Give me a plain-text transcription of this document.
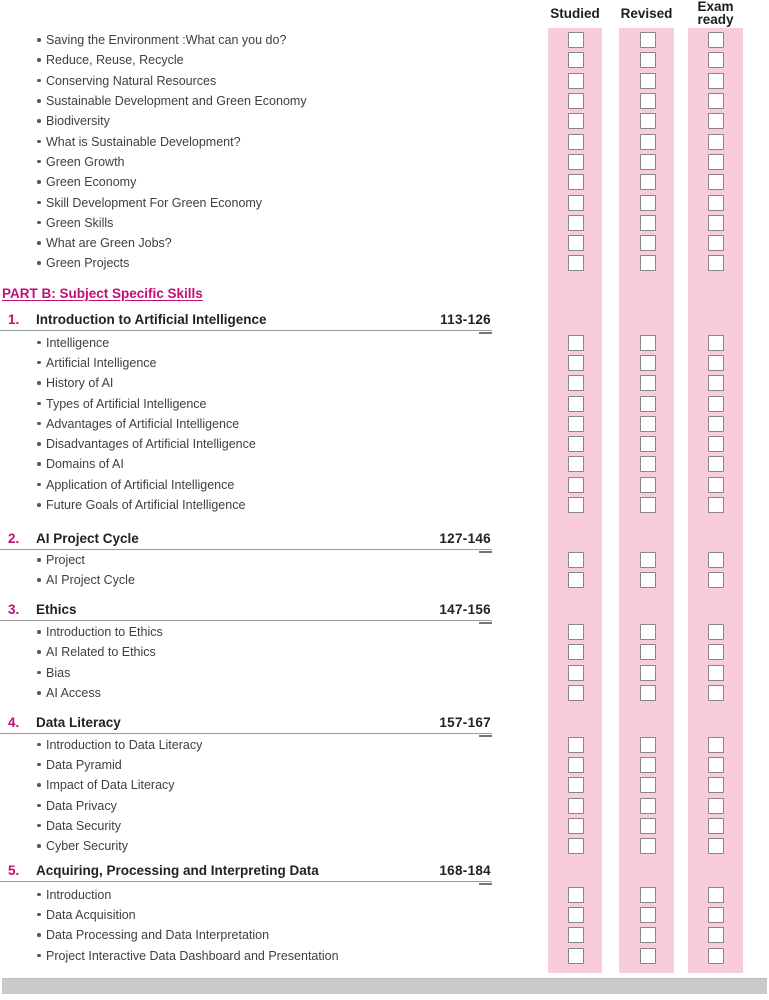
Studied	Revised	Exam ready
Saving the Environment :What can you do?
Reduce, Reuse, Recycle
Conserving Natural Resources
Sustainable Development and Green Economy
Biodiversity
What is Sustainable Development?
Green Growth
Green Economy
Skill Development For Green Economy
Green Skills
What are Green Jobs?
Green Projects
PART B: Subject Specific Skills
1. Introduction to Artificial Intelligence	113-126
Intelligence
Artificial Intelligence
History of AI
Types of Artificial Intelligence
Advantages of Artificial Intelligence
Disadvantages of Artificial Intelligence
Domains of AI
Application of Artificial Intelligence
Future Goals of Artificial Intelligence
2. AI Project Cycle	127-146
Project
AI Project Cycle
3. Ethics	147-156
Introduction to Ethics
AI Related to Ethics
Bias
AI Access
4. Data Literacy	157-167
Introduction to Data Literacy
Data Pyramid
Impact of Data Literacy
Data Privacy
Data Security
Cyber Security
5. Acquiring, Processing and Interpreting Data	168-184
Introduction
Data Acquisition
Data Processing and Data Interpretation
Project Interactive Data Dashboard and Presentation
